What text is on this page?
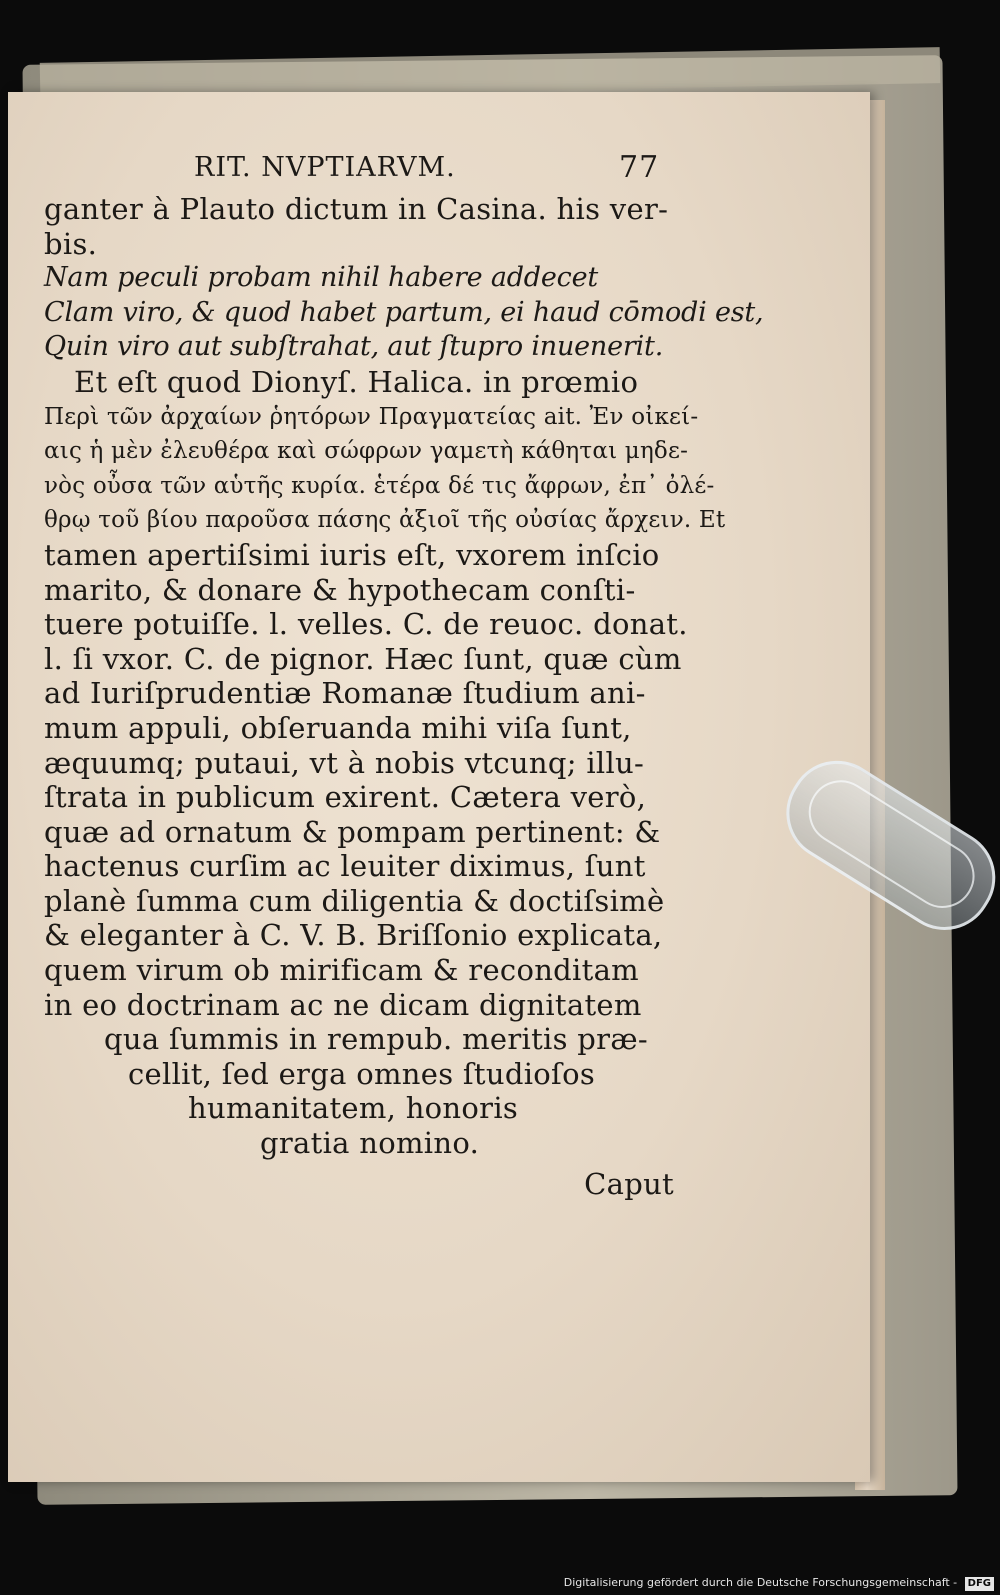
RIT. NVPTIARVM.	77
ganter à Plauto dictum in Casina. his ver-
bis.
Nam peculi probam nihil habere addecet
Clam viro, & quod habet partum, ei haud cōmodi est,
Quin viro aut subſtrahat, aut ſtupro inuenerit.
Et eſt quod Dionyſ. Halica. in prœmio
Περὶ τῶν ἀρχαίων ῥητόρων Πραγματείας ait. Ἐν οἰκεί-
αις ἡ μὲν ἐλευθέρα καὶ σώφρων γαμετὴ κάθηται μηδε-
νὸς οὖσα τῶν αὑτῆς κυρία. ἑτέρα δέ τις ἄφρων, ἐπ᾽ ὀλέ-
θρῳ τοῦ βίου παροῦσα πάσης ἀξιοῖ τῆς οὐσίας ἄρχειν. Et
tamen apertiſsimi iuris eſt, vxorem inſcio
marito, & donare & hypothecam conſti-
tuere potuiſſe. l. velles. C. de reuoc. donat.
l. ſi vxor. C. de pignor. Hæc ſunt, quæ cùm
ad Iuriſprudentiæ Romanæ ſtudium ani-
mum appuli, obſeruanda mihi viſa ſunt,
æquumq; putaui, vt à nobis vtcunq; illu-
ſtrata in publicum exirent. Cætera verò,
quæ ad ornatum & pompam pertinent: &
hactenus curſim ac leuiter diximus, ſunt
planè ſumma cum diligentia & doctiſsimè
& eleganter à C. V. B. Briſſonio explicata,
quem virum ob mirificam & reconditam
in eo doctrinam ac ne dicam dignitatem
qua ſummis in rempub. meritis præ-
cellit, ſed erga omnes ſtudioſos
humanitatem, honoris
gratia nomino.
Caput
Digitalisierung gefördert durch die Deutsche Forschungsgemeinschaft - DFG
